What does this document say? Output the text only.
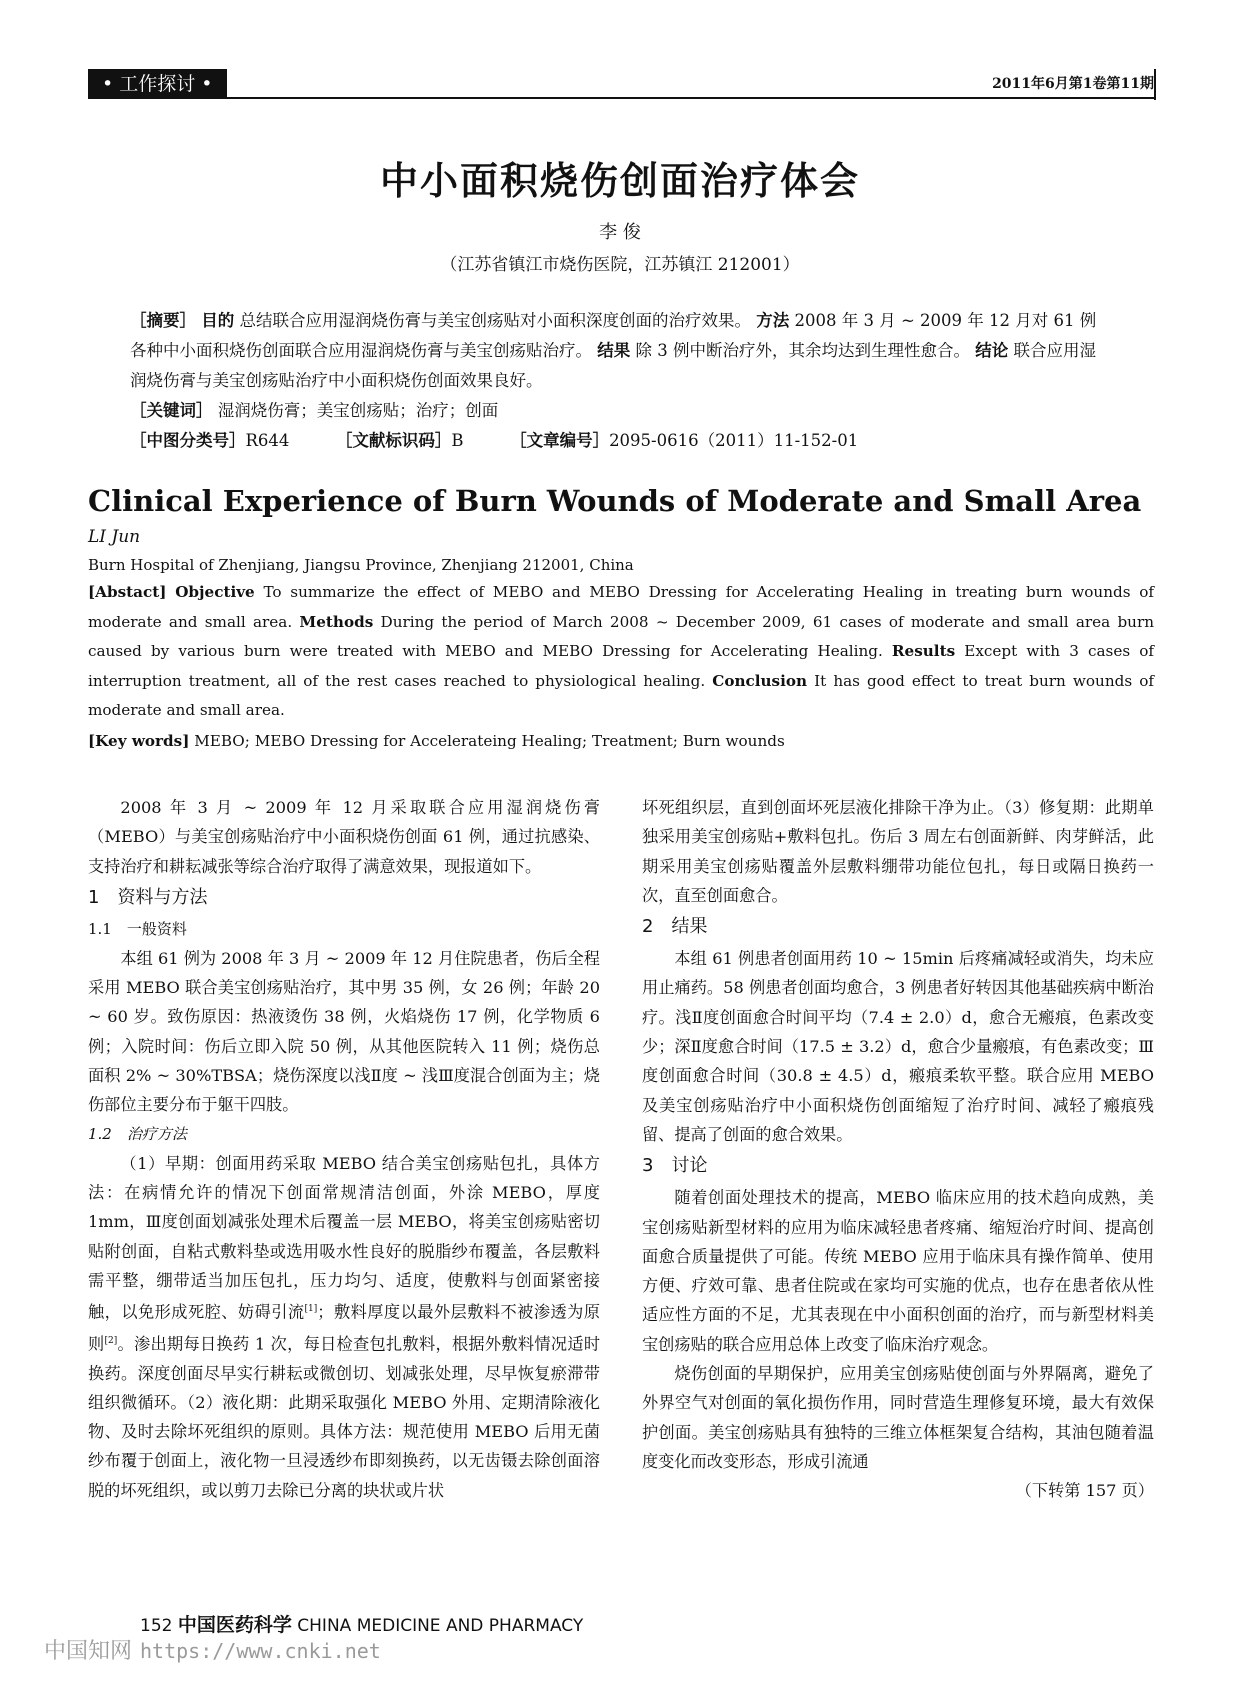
• 工作探讨 •	2011年6月第1卷第11期
中小面积烧伤创面治疗体会
李 俊
（江苏省镇江市烧伤医院，江苏镇江 212001）
［摘要］ 目的 总结联合应用湿润烧伤膏与美宝创疡贴对小面积深度创面的治疗效果。 方法 2008 年 3 月 ~ 2009 年 12 月对 61 例各种中小面积烧伤创面联合应用湿润烧伤膏与美宝创疡贴治疗。 结果 除 3 例中断治疗外，其余均达到生理性愈合。 结论 联合应用湿润烧伤膏与美宝创疡贴治疗中小面积烧伤创面效果良好。
［关键词］ 湿润烧伤膏；美宝创疡贴；治疗；创面
［中图分类号］R644	［文献标识码］B	［文章编号］2095-0616（2011）11-152-01
Clinical Experience of Burn Wounds of Moderate and Small Area
LI Jun
Burn Hospital of Zhenjiang, Jiangsu Province, Zhenjiang 212001, China
[Abstact] Objective To summarize the effect of MEBO and MEBO Dressing for Accelerating Healing in treating burn wounds of moderate and small area. Methods During the period of March 2008 ~ December 2009, 61 cases of moderate and small area burn caused by various burn were treated with MEBO and MEBO Dressing for Accelerating Healing. Results Except with 3 cases of interruption treatment, all of the rest cases reached to physiological healing. Conclusion It has good effect to treat burn wounds of moderate and small area.
[Key words] MEBO; MEBO Dressing for Accelerateing Healing; Treatment; Burn wounds

2008 年 3 月 ~ 2009 年 12 月采取联合应用湿润烧伤膏（MEBO）与美宝创疡贴治疗中小面积烧伤创面 61 例，通过抗感染、支持治疗和耕耘减张等综合治疗取得了满意效果，现报道如下。

1　资料与方法

1.1　一般资料

本组 61 例为 2008 年 3 月 ~ 2009 年 12 月住院患者，伤后全程采用 MEBO 联合美宝创疡贴治疗，其中男 35 例，女 26 例；年龄 20 ~ 60 岁。致伤原因：热液烫伤 38 例，火焰烧伤 17 例，化学物质 6 例；入院时间：伤后立即入院 50 例，从其他医院转入 11 例；烧伤总面积 2% ~ 30%TBSA；烧伤深度以浅Ⅱ度 ~ 浅Ⅲ度混合创面为主；烧伤部位主要分布于躯干四肢。

1.2　治疗方法

（1）早期：创面用药采取 MEBO 结合美宝创疡贴包扎，具体方法：在病情允许的情况下创面常规清洁创面，外涂 MEBO，厚度 1mm，Ⅲ度创面划减张处理术后覆盖一层 MEBO，将美宝创疡贴密切贴附创面，自粘式敷料垫或选用吸水性良好的脱脂纱布覆盖，各层敷料需平整，绷带适当加压包扎，压力均匀、适度，使敷料与创面紧密接触，以免形成死腔、妨碍引流[1]；敷料厚度以最外层敷料不被渗透为原则[2]。渗出期每日换药 1 次，每日检查包扎敷料，根据外敷料情况适时换药。深度创面尽早实行耕耘或微创切、划减张处理，尽早恢复瘀滞带组织微循环。（2）液化期：此期采取强化 MEBO 外用、定期清除液化物、及时去除坏死组织的原则。具体方法：规范使用 MEBO 后用无菌纱布覆于创面上，液化物一旦浸透纱布即刻换药，以无齿镊去除创面溶脱的坏死组织，或以剪刀去除已分离的块状或片状

坏死组织层，直到创面坏死层液化排除干净为止。（3）修复期：此期单独采用美宝创疡贴+敷料包扎。伤后 3 周左右创面新鲜、肉芽鲜活，此期采用美宝创疡贴覆盖外层敷料绷带功能位包扎，每日或隔日换药一次，直至创面愈合。

2　结果

本组 61 例患者创面用药 10 ~ 15min 后疼痛减轻或消失，均未应用止痛药。58 例患者创面均愈合，3 例患者好转因其他基础疾病中断治疗。浅Ⅱ度创面愈合时间平均（7.4 ± 2.0）d，愈合无瘢痕，色素改变少；深Ⅱ度愈合时间（17.5 ± 3.2）d，愈合少量瘢痕，有色素改变；Ⅲ度创面愈合时间（30.8 ± 4.5）d，瘢痕柔软平整。联合应用 MEBO 及美宝创疡贴治疗中小面积烧伤创面缩短了治疗时间、减轻了瘢痕残留、提高了创面的愈合效果。

3　讨论

随着创面处理技术的提高，MEBO 临床应用的技术趋向成熟，美宝创疡贴新型材料的应用为临床减轻患者疼痛、缩短治疗时间、提高创面愈合质量提供了可能。传统 MEBO 应用于临床具有操作简单、使用方便、疗效可靠、患者住院或在家均可实施的优点，也存在患者依从性适应性方面的不足，尤其表现在中小面积创面的治疗，而与新型材料美宝创疡贴的联合应用总体上改变了临床治疗观念。

烧伤创面的早期保护，应用美宝创疡贴使创面与外界隔离，避免了外界空气对创面的氧化损伤作用，同时营造生理修复环境，最大有效保护创面。美宝创疡贴具有独特的三维立体框架复合结构，其油包随着温度变化而改变形态，形成引流通

（下转第 157 页）

152 中国医药科学 CHINA MEDICINE AND PHARMACY
中国知网 https://www.cnki.net
